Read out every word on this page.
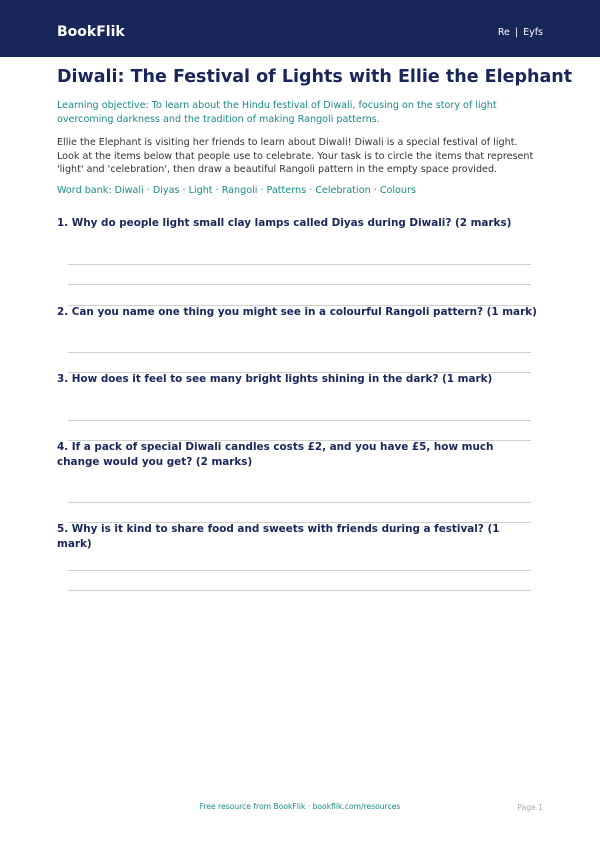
BookFlik	Re | Eyfs
Diwali: The Festival of Lights with Ellie the Elephant
Learning objective: To learn about the Hindu festival of Diwali, focusing on the story of light overcoming darkness and the tradition of making Rangoli patterns.
Ellie the Elephant is visiting her friends to learn about Diwali! Diwali is a special festival of light. Look at the items below that people use to celebrate. Your task is to circle the items that represent 'light' and 'celebration', then draw a beautiful Rangoli pattern in the empty space provided.
Word bank: Diwali · Diyas · Light · Rangoli · Patterns · Celebration · Colours
1. Why do people light small clay lamps called Diyas during Diwali? (2 marks)
2. Can you name one thing you might see in a colourful Rangoli pattern? (1 mark)
3. How does it feel to see many bright lights shining in the dark? (1 mark)
4. If a pack of special Diwali candles costs £2, and you have £5, how much change would you get? (2 marks)
5. Why is it kind to share food and sweets with friends during a festival? (1 mark)
Free resource from BookFlik · bookflik.com/resources	Page 1
